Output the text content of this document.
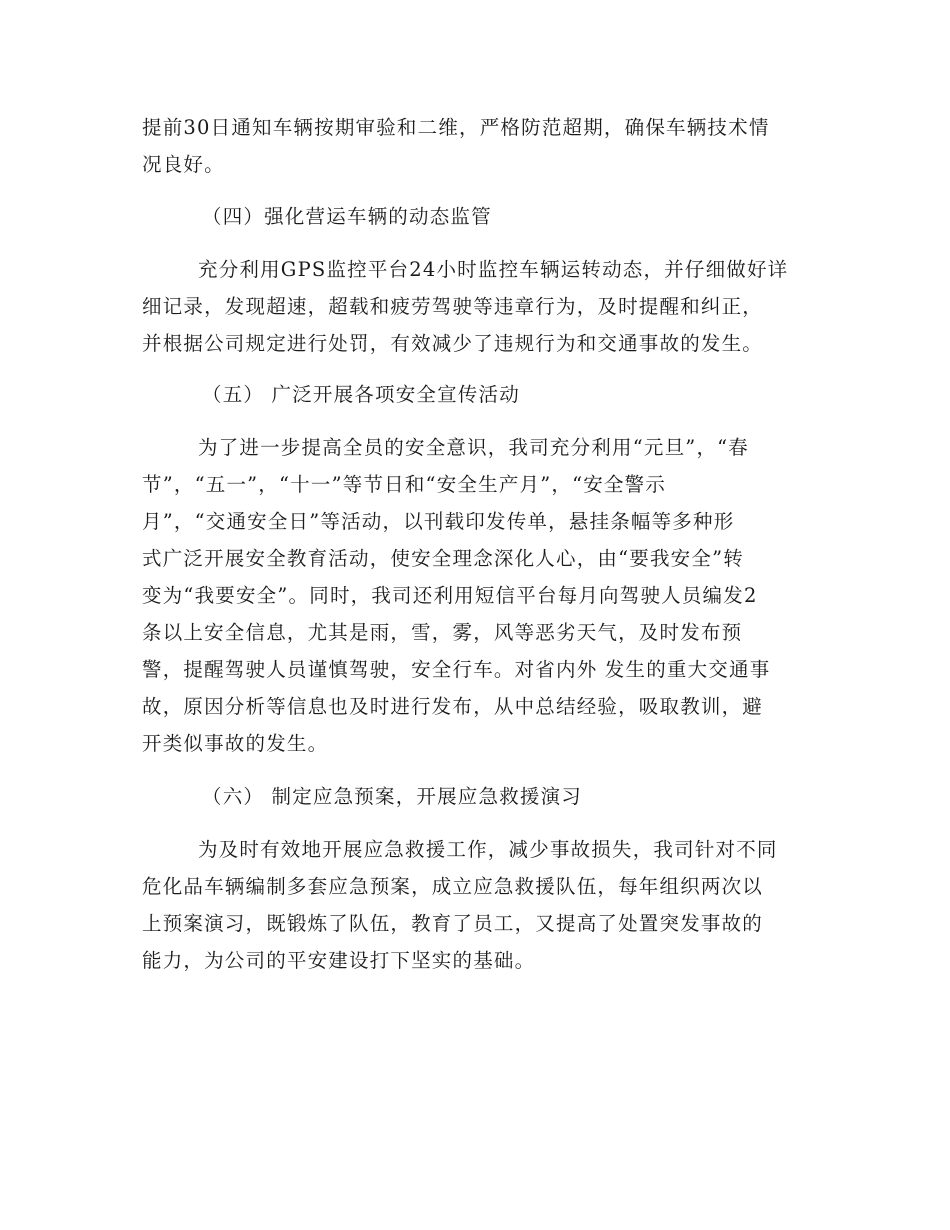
提前30日通知车辆按期审验和二维，严格防范超期，确保车辆技术情
况良好。
（四）强化营运车辆的动态监管
充分利用GPS监控平台24小时监控车辆运转动态，并仔细做好详
细记录，发现超速，超载和疲劳驾驶等违章行为，及时提醒和纠正，
并根据公司规定进行处罚，有效减少了违规行为和交通事故的发生。
（五） 广泛开展各项安全宣传活动
为了进一步提高全员的安全意识，我司充分利用“元旦”，“春
节”，“五一”，“十一”等节日和“安全生产月”，“安全警示
月”，“交通安全日”等活动，以刊载印发传单，悬挂条幅等多种形
式广泛开展安全教育活动，使安全理念深化人心，由“要我安全”转
变为“我要安全”。同时，我司还利用短信平台每月向驾驶人员编发2
条以上安全信息，尤其是雨，雪，雾，风等恶劣天气，及时发布预
警，提醒驾驶人员谨慎驾驶，安全行车。对省内外 发生的重大交通事
故，原因分析等信息也及时进行发布，从中总结经验，吸取教训，避
开类似事故的发生。
（六） 制定应急预案，开展应急救援演习
为及时有效地开展应急救援工作，减少事故损失，我司针对不同
危化品车辆编制多套应急预案，成立应急救援队伍，每年组织两次以
上预案演习，既锻炼了队伍，教育了员工，又提高了处置突发事故的
能力，为公司的平安建设打下坚实的基础。
